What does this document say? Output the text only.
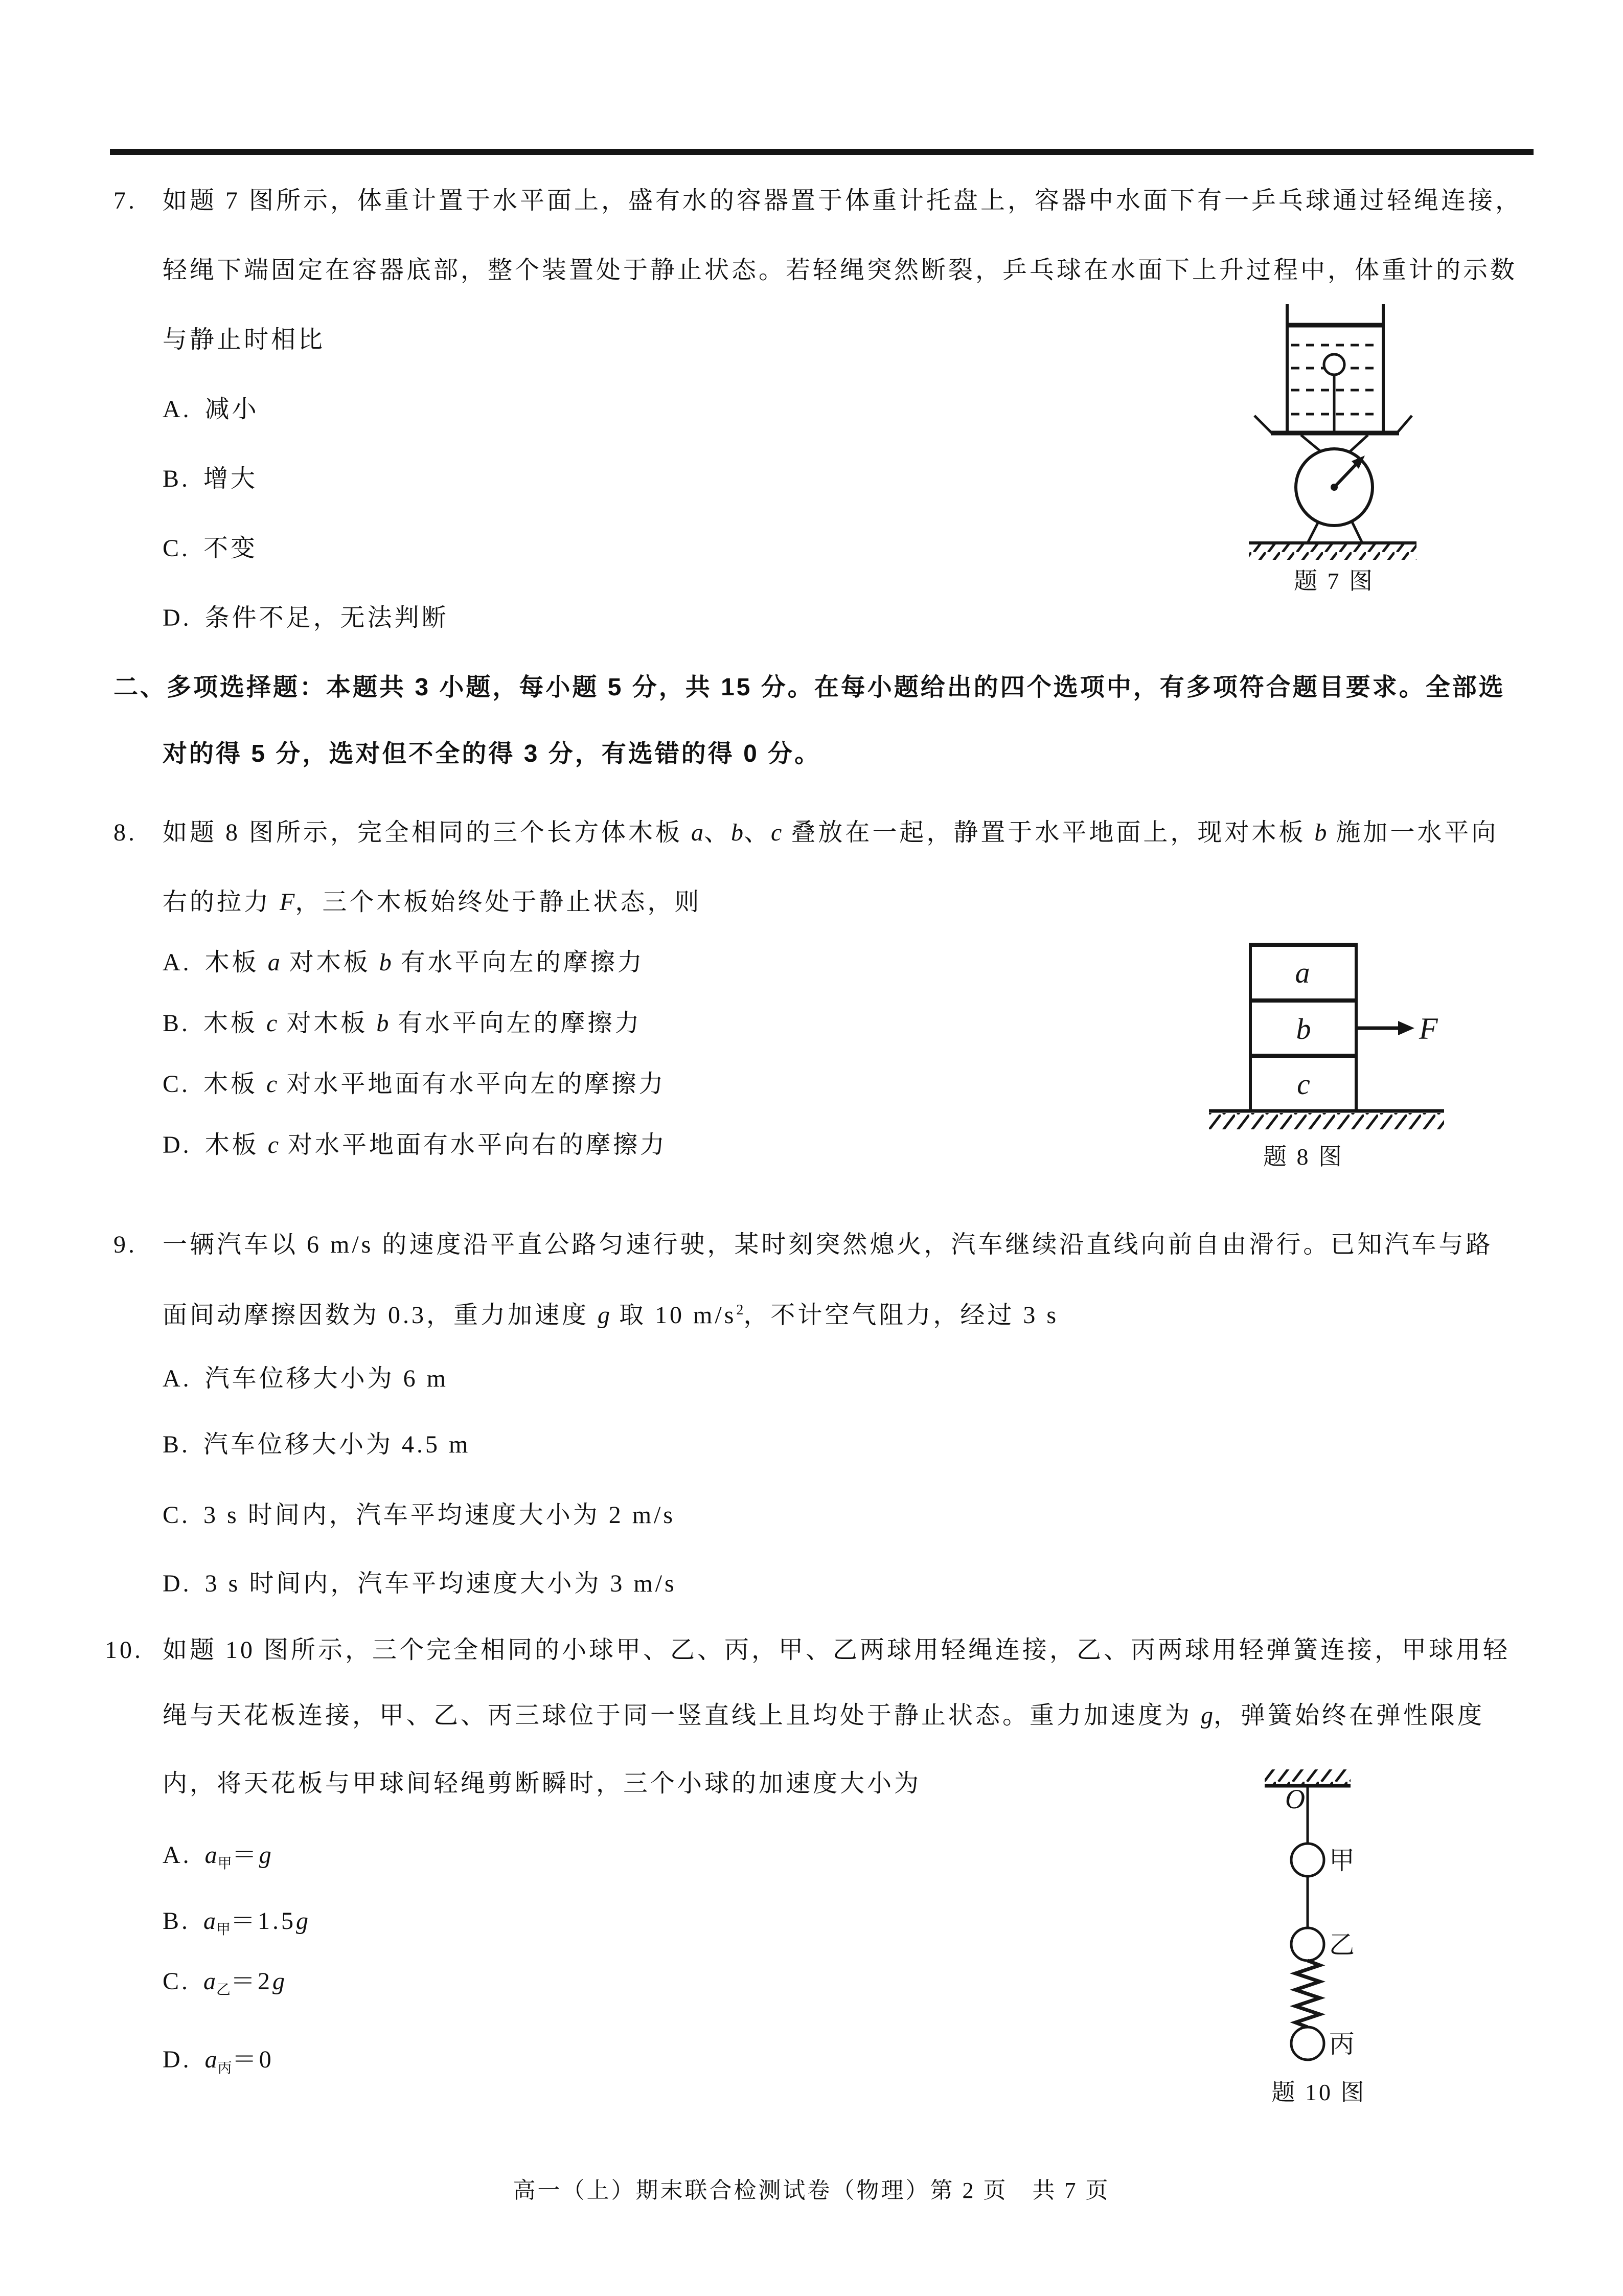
7. 如题 7 图所示，体重计置于水平面上，盛有水的容器置于体重计托盘上，容器中水面下有一乒乓球通过轻绳连接，
轻绳下端固定在容器底部，整个装置处于静止状态。若轻绳突然断裂，乒乓球在水面下上升过程中，体重计的示数
与静止时相比
A. 减小
B. 增大
C. 不变
D. 条件不足，无法判断
题 7 图
二、多项选择题：本题共 3 小题，每小题 5 分，共 15 分。在每小题给出的四个选项中，有多项符合题目要求。全部选
对的得 5 分，选对但不全的得 3 分，有选错的得 0 分。
8. 如题 8 图所示，完全相同的三个长方体木板 a、b、c 叠放在一起，静置于水平地面上，现对木板 b 施加一水平向
右的拉力 F，三个木板始终处于静止状态，则
A. 木板 a 对木板 b 有水平向左的摩擦力
B. 木板 c 对木板 b 有水平向左的摩擦力
C. 木板 c 对水平地面有水平向左的摩擦力
D. 木板 c 对水平地面有水平向右的摩擦力
a
b
c
F
题 8 图
9. 一辆汽车以 6 m/s 的速度沿平直公路匀速行驶，某时刻突然熄火，汽车继续沿直线向前自由滑行。已知汽车与路
面间动摩擦因数为 0.3，重力加速度 g 取 10 $m/s^2$，不计空气阻力，经过 3 s
A. 汽车位移大小为 6 m
B. 汽车位移大小为 4.5 m
C. 3 s 时间内，汽车平均速度大小为 2 m/s
D. 3 s 时间内，汽车平均速度大小为 3 m/s
10. 如题 10 图所示，三个完全相同的小球甲、乙、丙，甲、乙两球用轻绳连接，乙、丙两球用轻弹簧连接，甲球用轻
绳与天花板连接，甲、乙、丙三球位于同一竖直线上且均处于静止状态。重力加速度为 g，弹簧始终在弹性限度
内，将天花板与甲球间轻绳剪断瞬时，三个小球的加速度大小为
A. $a_甲=g$
B. $a_甲=1.5g$
C. $a_乙=2g$
D. $a_丙=0$
O
甲
乙
丙
题 10 图
高一（上）期末联合检测试卷（物理）第 2 页　共 7 页
